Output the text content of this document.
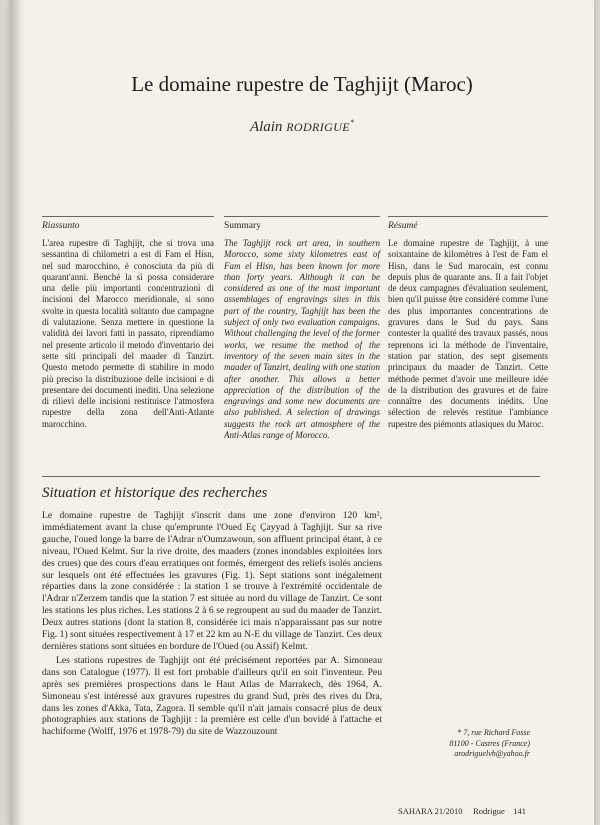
Le domaine rupestre de Taghjijt (Maroc)
Alain RODRIGUE*
Riassunto

L'area rupestre di Taghjijt, che si trova una sessantina di chilometri a est di Fam el Hisn, nel sud marocchino, è conosciuta da più di quarant'anni. Benché la si possa considerare una delle più importanti concentrazioni di incisioni del Marocco meridionale, si sono svolte in questa località soltanto due campagne di valutazione. Senza mettere in questione la validità dei lavori fatti in passato, riprendiamo nel presente articolo il metodo d'inventario dei sette siti principali del maader di Tanzirt. Questo metodo permette di stabilire in modo più preciso la distribuzione delle incisioni e di presentare dei documenti inediti. Una selezione di rilievi delle incisioni restituisce l'atmosfera rupestre della zona dell'Anti-Atlante marocchino.

Summary

The Taghjijt rock art area, in southern Morocco, some sixty kilometres east of Fam el Hisn, has been known for more than forty years. Although it can be considered as one of the most important assemblages of engravings sites in this part of the country, Taghjijt has been the subject of only two evaluation campaigns. Without challenging the level of the former works, we resume the method of the inventory of the seven main sites in the maader of Tanzirt, dealing with one station after another. This allows a better appreciation of the distribution of the engravings and some new documents are also published. A selection of drawings suggests the rock art atmosphere of the Anti-Atlas range of Morocco.

Résumé

Le domaine rupestre de Taghjijt, à une soixantaine de kilomètres à l'est de Fam el Hisn, dans le Sud marocain, est connu depuis plus de quarante ans. Il a fait l'objet de deux campagnes d'évaluation seulement, bien qu'il puisse être considéré comme l'une des plus importantes concentrations de gravures dans le Sud du pays. Sans contester la qualité des travaux passés, nous reprenons ici la méthode de l'inventaire, station par station, des sept gisements principaux du maader de Tanzirt. Cette méthode permet d'avoir une meilleure idée de la distribution des gravures et de faire connaître des documents inédits. Une sélection de relevés restitue l'ambiance rupestre des piémonts atlasiques du Maroc.

Situation et historique des recherches

Le domaine rupestre de Taghjijt s'inscrit dans une zone d'environ 120 km², immédiatement avant la cluse qu'emprunte l'Oued Eç Çayyad à Taghjijt. Sur sa rive gauche, l'oued longe la barre de l'Adrar n'Oumzawoun, son affluent principal étant, à ce niveau, l'Oued Kelmt. Sur la rive droite, des maaders (zones inondables exploitées lors des crues) que des cours d'eau erratiques ont formés, émergent des reliefs isolés anciens sur lesquels ont été effectuées les gravures (Fig. 1). Sept stations sont inégalement réparties dans la zone considérée : la station 1 se trouve à l'extrémité occidentale de l'Adrar n'Zerzem tandis que la station 7 est située au nord du village de Tanzirt. Ce sont les stations les plus riches. Les stations 2 à 6 se regroupent au sud du maader de Tanzirt. Deux autres stations (dont la station 8, considérée ici mais n'apparaissant pas sur notre Fig. 1) sont situées respectivement à 17 et 22 km au N-E du village de Tanzirt. Ces deux dernières stations sont situées en bordure de l'Oued (ou Assif) Kelmt.

Les stations rupestres de Taghjijt ont été précisément reportées par A. Simoneau dans son Catalogue (1977). Il est fort probable d'ailleurs qu'il en soit l'inventeur. Peu après ses premières prospections dans le Haut Atlas de Marrakech, dès 1964, A. Simoneau s'est intéressé aux gravures rupestres du grand Sud, près des rives du Dra, dans les zones d'Akka, Tata, Zagora. Il semble qu'il n'ait jamais consacré plus de deux photographies aux stations de Taghjijt : la première est celle d'un bovidé à l'attache et hachiforme (Wolff, 1976 et 1978-79) du site de Wazzouzount	* 7, rue Richard Fosse
81100 - Castres (France)
arodriguelvh@yahoo.fr
SAHARA 21/2010 Rodrigue 141
